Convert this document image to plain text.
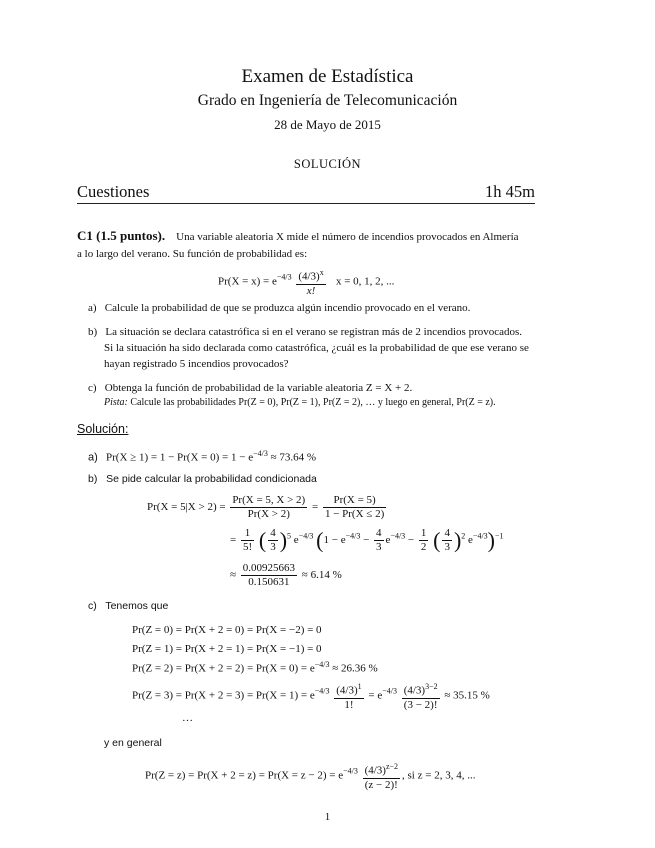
Examen de Estadística
Grado en Ingeniería de Telecomunicación
28 de Mayo de 2015
SOLUCIÓN
Cuestiones	1h 45m
C1 (1.5 puntos). Una variable aleatoria X mide el número de incendios provocados en Almería
a lo largo del verano. Su función de probabilidad es:
$Pr(X = x) = e^{-4/3} \frac{(4/3)^x}{x!}$ x = 0, 1, 2, ...
a) Calcule la probabilidad de que se produzca algún incendio provocado en el verano.
b) La situación se declara catastrófica si en el verano se registran más de 2 incendios provocados.
Si la situación ha sido declarada como catastrófica, ¿cuál es la probabilidad de que ese verano se
hayan registrado 5 incendios provocados?
c) Obtenga la función de probabilidad de la variable aleatoria Z = X + 2.
Pista: Calcule las probabilidades Pr(Z = 0), Pr(Z = 1), Pr(Z = 2), … y luego en general, Pr(Z = z).
Solución:
a) $Pr(X \ge 1) = 1 - Pr(X = 0) = 1 - e^{-4/3} \approx 73.64$ %
b) Se pide calcular la probabilidad condicionada
$Pr(X = 5|X > 2) = \frac{Pr(X = 5, X > 2)}{Pr(X > 2)} = \frac{Pr(X = 5)}{1 - Pr(X \le 2)}$
= $\frac{1}{5!}$ ( $\frac{4}{3} )^5$ $e^{-4/3}$ ($1 - e^{-4/3} - \frac{4}{3} e^{-4/3} - \frac{1}{2}$ ( $\frac{4}{3} )^2$ $e^{-4/3})^{-1}$
≈ $\frac{0.00925663}{0.150631} \approx 6.14$ %
c) Tenemos que
Pr(Z = 0) = Pr(X + 2 = 0) = Pr(X = −2) = 0
Pr(Z = 1) = Pr(X + 2 = 1) = Pr(X = −1) = 0
$Pr(Z = 2) = Pr(X + 2 = 2) = Pr(X = 0) = e^{-4/3} \approx 26.36$ %
$Pr(Z = 3) = Pr(X + 2 = 3) = Pr(X = 1) = e^{-4/3} \frac{(4/3)^1}{1!} = e^{-4/3} \frac{(4/3)^{3-2}}{(3 - 2)!} \approx 35.15$ %
…
y en general
$Pr(Z = z) = Pr(X + 2 = z) = Pr(X = z - 2) = e^{-4/3} \frac{(4/3)^{z-2}}{(z - 2)!}$ , si z = 2, 3, 4, ...
1
